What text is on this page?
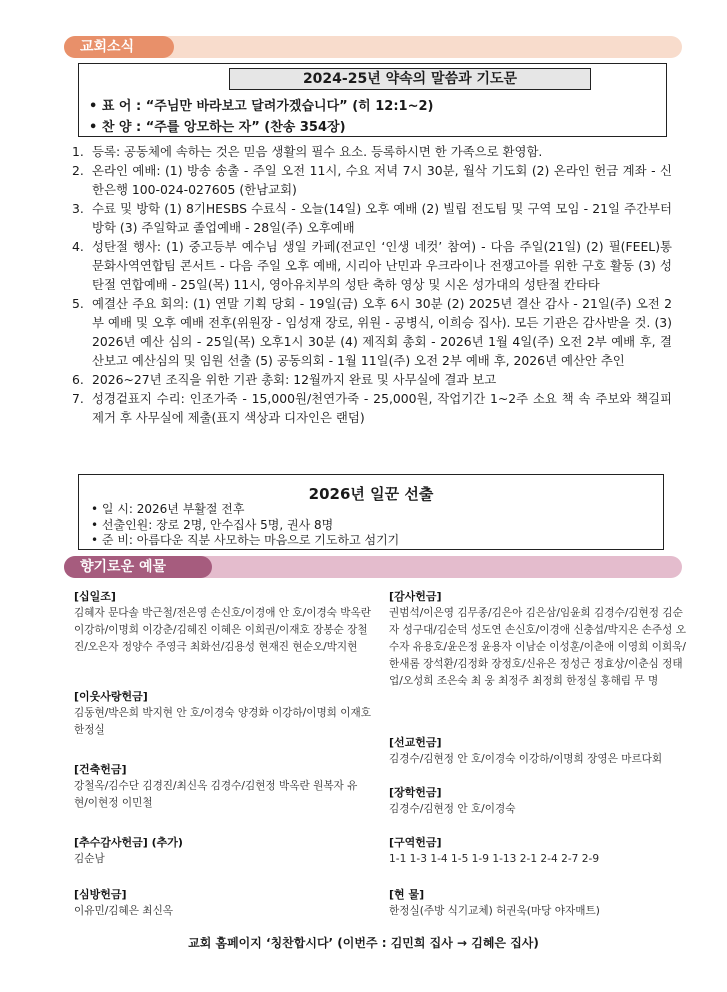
교회소식
2024-25년 약속의 말씀과 기도문
• 표 어 : “주님만 바라보고 달려가겠습니다” (히 12:1~2)
• 찬 양 : “주를 앙모하는 자” (찬송 354장)
1. 등록: 공동체에 속하는 것은 믿음 생활의 필수 요소. 등록하시면 한 가족으로 환영함.
2. 온라인 예배: (1) 방송 송출 - 주일 오전 11시, 수요 저녁 7시 30분, 월삭 기도회 (2) 온라인 헌금 계좌 - 신한은행 100-024-027605 (한남교회)
3. 수료 및 방학 (1) 8기HESBS 수료식 - 오늘(14일) 오후 예배 (2) 빌립 전도팀 및 구역 모임 - 21일 주간부터 방학 (3) 주일학교 졸업예배 - 28일(주) 오후예배
4. 성탄절 행사: (1) 중고등부 예수님 생일 카페(전교인 ‘인생 네컷’ 참여) - 다음 주일(21일) (2) 필(FEEL)통 문화사역연합팀 콘서트 - 다음 주일 오후 예배, 시리아 난민과 우크라이나 전쟁고아를 위한 구호 활동 (3) 성탄절 연합예배 - 25일(목) 11시, 영아유치부의 성탄 축하 영상 및 시온 성가대의 성탄절 칸타타
5. 예결산 주요 회의: (1) 연말 기획 당회 - 19일(금) 오후 6시 30분 (2) 2025년 결산 감사 - 21일(주) 오전 2부 예배 및 오후 예배 전후(위원장 - 임성재 장로, 위원 - 공병식, 이희승 집사). 모든 기관은 감사받을 것. (3) 2026년 예산 심의 - 25일(목) 오후1시 30분 (4) 제직회 총회 - 2026년 1월 4일(주) 오전 2부 예배 후, 결산보고 예산심의 및 임원 선출 (5) 공동의회 - 1월 11일(주) 오전 2부 예배 후, 2026년 예산안 추인
6. 2026~27년 조직을 위한 기관 총회: 12월까지 완료 및 사무실에 결과 보고
7. 성경겉표지 수리: 인조가죽 - 15,000원/천연가죽 - 25,000원, 작업기간 1~2주 소요 책 속 주보와 책길피 제거 후 사무실에 제출(표지 색상과 디자인은 랜덤)
2026년 일꾼 선출
• 일 시: 2026년 부활절 전후
• 선출인원: 장로 2명, 안수집사 5명, 권사 8명
• 준 비: 아름다운 직분 사모하는 마음으로 기도하고 섬기기
향기로운 예물
[십일조]

김혜자 문다솔 박근철/전은영 손신호/이경애 안 호/이경숙 박옥란 이강하/이명희 이강춘/김혜진 이혜은 이희권/이재호 장봉순 장철진/오은자 정양수 주영극 최화선/김용성 현재진 현순오/박지현

[이웃사랑헌금]

김동현/박은희 박지현 안 호/이경숙 양경화 이강하/이명희 이재호 한정실

[건축헌금]

강철옥/김수단 김경진/최신옥 김경수/김현정 박옥란 원복자 유 현/이현정 이민철

[추수감사헌금] (추가)

김순남

[심방헌금]

이유민/김혜은 최신옥

[감사헌금]

권범석/이은영 김무종/김은아 김은삼/임윤희 김경수/김현정 김순자 성구대/김순덕 성도연 손신호/이경애 신충섭/박지은 손주성 오수자 유용호/윤은정 윤용자 이남순 이성훈/이춘애 이영희 이희욱/한새롬 장석환/김정화 장정호/신유은 정성근 정효상/이춘심 정태업/오성희 조은숙 최 웅 최정주 최정희 한정실 홍해림 무 명

[선교헌금]

김경수/김현정 안 호/이경숙 이강하/이명희 장영은 마르다회

[장학헌금]

김경수/김현정 안 호/이경숙

[구역헌금]

1-1 1-3 1-4 1-5 1-9 1-13 2-1 2-4 2-7 2-9

[현 물]

한정실(주방 식기교체) 허권욱(마당 야자매트)

교회 홈페이지 ‘칭찬합시다’ (이번주 : 김민희 집사 → 김혜은 집사)
